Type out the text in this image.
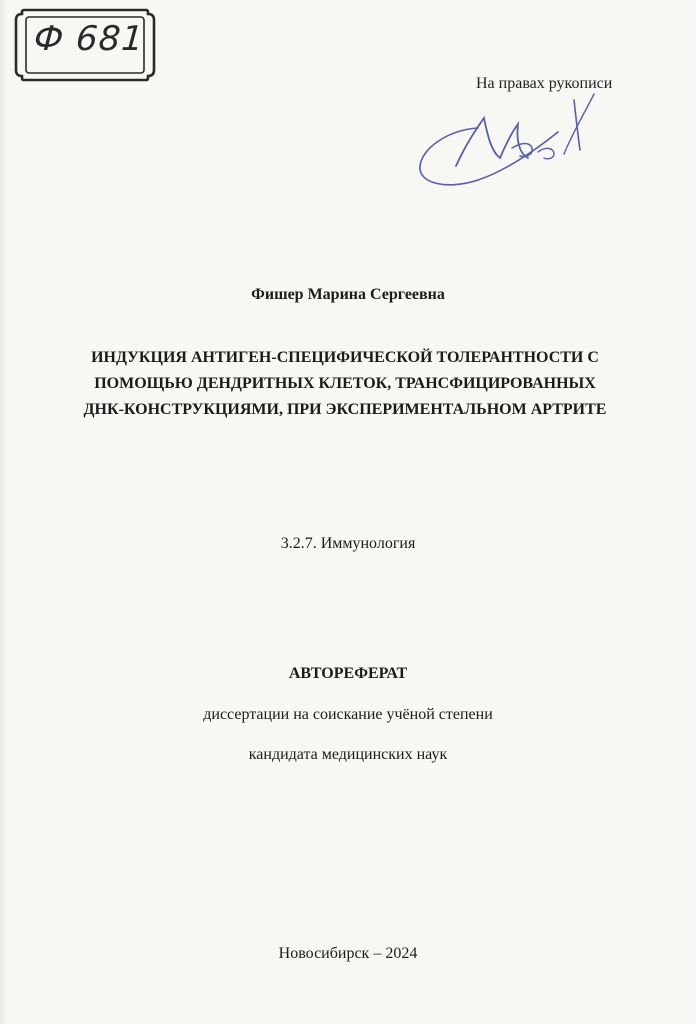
Ф 681
На правах рукописи
Фишер Марина Сергеевна
ИНДУКЦИЯ АНТИГЕН-СПЕЦИФИЧЕСКОЙ ТОЛЕРАНТНОСТИ С
ПОМОЩЬЮ ДЕНДРИТНЫХ КЛЕТОК, ТРАНСФИЦИРОВАННЫХ
ДНК-КОНСТРУКЦИЯМИ, ПРИ ЭКСПЕРИМЕНТАЛЬНОМ АРТРИТЕ
3.2.7. Иммунология
АВТОРЕФЕРАТ
диссертации на соискание учёной степени
кандидата медицинских наук
Новосибирск – 2024
